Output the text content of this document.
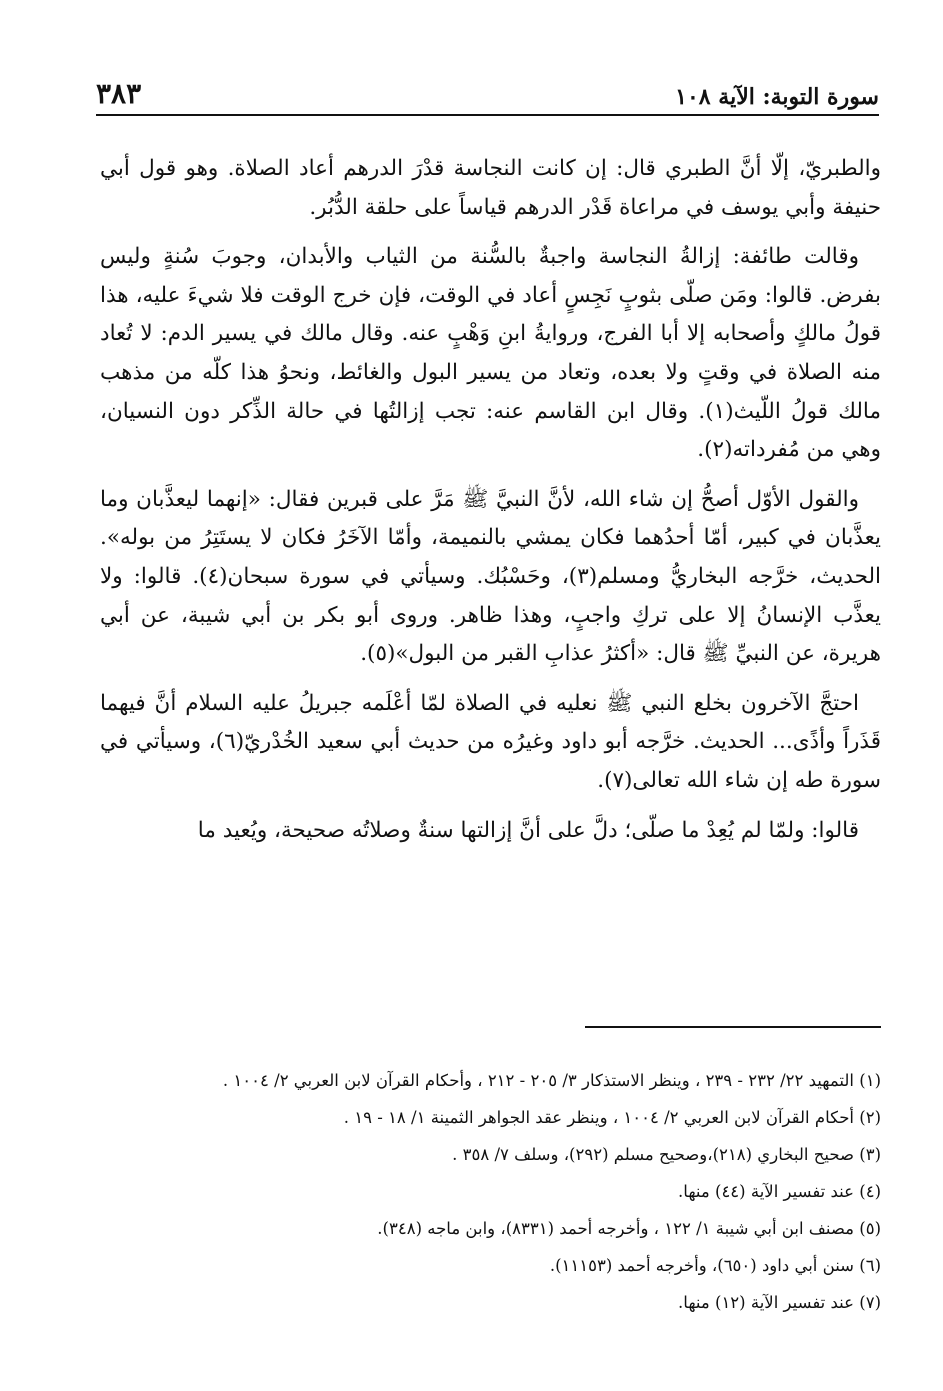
سورة التوبة: الآية ١٠٨
٣٨٣

والطبريّ، إلّا أنَّ الطبري قال: إن كانت النجاسة قدْرَ الدرهم أعاد الصلاة. وهو قول أبي حنيفة وأبي يوسف في مراعاة قَدْر الدرهم قياساً على حلقة الدُّبُر.

وقالت طائفة: إزالةُ النجاسة واجبةٌ بالسُّنة من الثياب والأبدان، وجوبَ سُنةٍ وليس بفرض. قالوا: ومَن صلّى بثوبٍ نَجِسٍ أعاد في الوقت، فإن خرج الوقت فلا شيءَ عليه، هذا قولُ مالكٍ وأصحابه إلا أبا الفرج، وروايةُ ابنِ وَهْبٍ عنه. وقال مالك في يسير الدم: لا تُعاد منه الصلاة في وقتٍ ولا بعده، وتعاد من يسير البول والغائط، ونحوُ هذا كلّه من مذهب مالك قولُ اللّيث(١). وقال ابن القاسم عنه: تجب إزالتُها في حالة الذِّكر دون النسيان، وهي من مُفرداته(٢).

والقول الأوّل أصحُّ إن شاء الله، لأنَّ النبيَّ ﷺ مَرَّ على قبرين فقال: «إنهما ليعذَّبان وما يعذَّبان في كبير، أمّا أحدُهما فكان يمشي بالنميمة، وأمّا الآخَرُ فكان لا يستَتِرُ من بوله». الحديث، خرَّجه البخاريُّ ومسلم(٣)، وحَسْبُك. وسيأتي في سورة سبحان(٤). قالوا: ولا يعذَّب الإنسانُ إلا على تركِ واجبٍ، وهذا ظاهر. وروى أبو بكر بن أبي شيبة، عن أبي هريرة، عن النبيِّ ﷺ قال: «أكثرُ عذابِ القبر من البول»(٥).

احتجَّ الآخرون بخلع النبي ﷺ نعليه في الصلاة لمّا أعْلَمه جبريلُ عليه السلام أنَّ فيهما قَذَراً وأذًى... الحديث. خرَّجه أبو داود وغيرُه من حديث أبي سعيد الخُدْريّ(٦)، وسيأتي في سورة طه إن شاء الله تعالى(٧).

قالوا: ولمّا لم يُعِدْ ما صلّى؛ دلَّ على أنَّ إزالتها سنةٌ وصلاتُه صحيحة، ويُعيد ما

(١) التمهيد ٢٢/ ٢٣٢ - ٢٣٩ ، وينظر الاستذكار ٣/ ٢٠٥ - ٢١٢ ، وأحكام القرآن لابن العربي ٢/ ١٠٠٤ .
(٢) أحكام القرآن لابن العربي ٢/ ١٠٠٤ ، وينظر عقد الجواهر الثمينة ١/ ١٨ - ١٩ .
(٣) صحيح البخاري (٢١٨)،وصحيح مسلم (٢٩٢)، وسلف ٧/ ٣٥٨ .
(٤) عند تفسير الآية (٤٤) منها.
(٥) مصنف ابن أبي شيبة ١/ ١٢٢ ، وأخرجه أحمد (٨٣٣١)، وابن ماجه (٣٤٨).
(٦) سنن أبي داود (٦٥٠)، وأخرجه أحمد (١١١٥٣).
(٧) عند تفسير الآية (١٢) منها.
